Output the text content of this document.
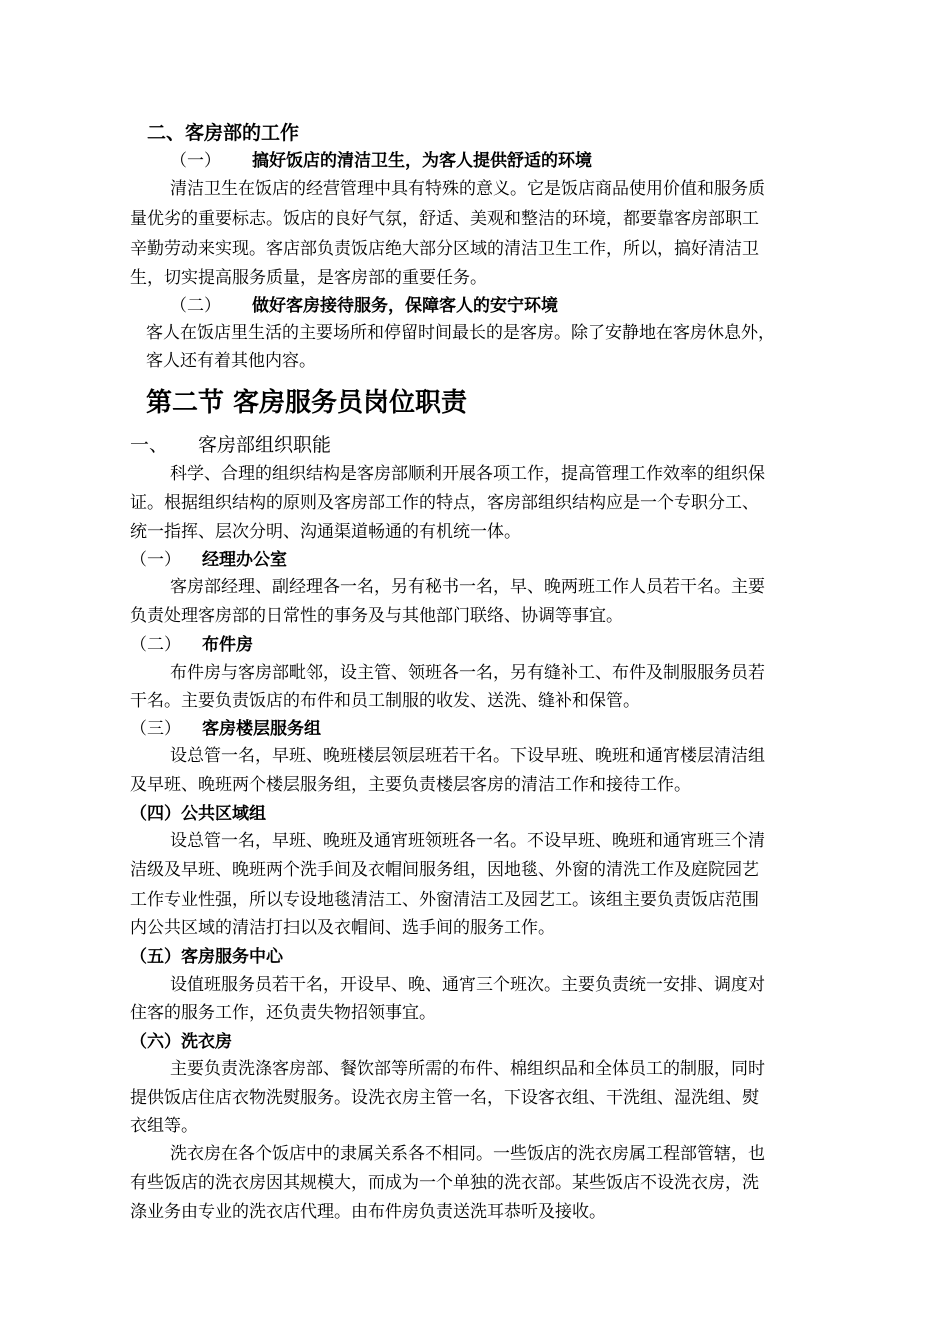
二、客房部的工作
（一） 搞好饭店的清洁卫生，为客人提供舒适的环境
清洁卫生在饭店的经营管理中具有特殊的意义。它是饭店商品使用价值和服务质
量优劣的重要标志。饭店的良好气氛，舒适、美观和整洁的环境，都要靠客房部职工
辛勤劳动来实现。客店部负责饭店绝大部分区域的清洁卫生工作，所以，搞好清洁卫
生，切实提高服务质量，是客房部的重要任务。
（二） 做好客房接待服务，保障客人的安宁环境
客人在饭店里生活的主要场所和停留时间最长的是客房。除了安静地在客房休息外，
客人还有着其他内容。
第二节 客房服务员岗位职责
一、 客房部组织职能
科学、合理的组织结构是客房部顺利开展各项工作，提高管理工作效率的组织保
证。根据组织结构的原则及客房部工作的特点，客房部组织结构应是一个专职分工、
统一指挥、层次分明、沟通渠道畅通的有机统一体。
（一） 经理办公室
客房部经理、副经理各一名，另有秘书一名，早、晚两班工作人员若干名。主要
负责处理客房部的日常性的事务及与其他部门联络、协调等事宜。
（二） 布件房
布件房与客房部毗邻，设主管、领班各一名，另有缝补工、布件及制服服务员若
干名。主要负责饭店的布件和员工制服的收发、送洗、缝补和保管。
（三） 客房楼层服务组
设总管一名，早班、晚班楼层领层班若干名。下设早班、晚班和通宵楼层清洁组
及早班、晚班两个楼层服务组，主要负责楼层客房的清洁工作和接待工作。
（四）公共区域组
设总管一名，早班、晚班及通宵班领班各一名。不设早班、晚班和通宵班三个清
洁级及早班、晚班两个洗手间及衣帽间服务组，因地毯、外窗的清洗工作及庭院园艺
工作专业性强，所以专设地毯清洁工、外窗清洁工及园艺工。该组主要负责饭店范围
内公共区域的清洁打扫以及衣帽间、选手间的服务工作。
（五）客房服务中心
设值班服务员若干名，开设早、晚、通宵三个班次。主要负责统一安排、调度对
住客的服务工作，还负责失物招领事宜。
（六）洗衣房
主要负责洗涤客房部、餐饮部等所需的布件、棉组织品和全体员工的制服，同时
提供饭店住店衣物洗熨服务。设洗衣房主管一名，下设客衣组、干洗组、湿洗组、熨
衣组等。
洗衣房在各个饭店中的隶属关系各不相同。一些饭店的洗衣房属工程部管辖，也
有些饭店的洗衣房因其规模大，而成为一个单独的洗衣部。某些饭店不设洗衣房，洗
涤业务由专业的洗衣店代理。由布件房负责送洗耳恭听及接收。
